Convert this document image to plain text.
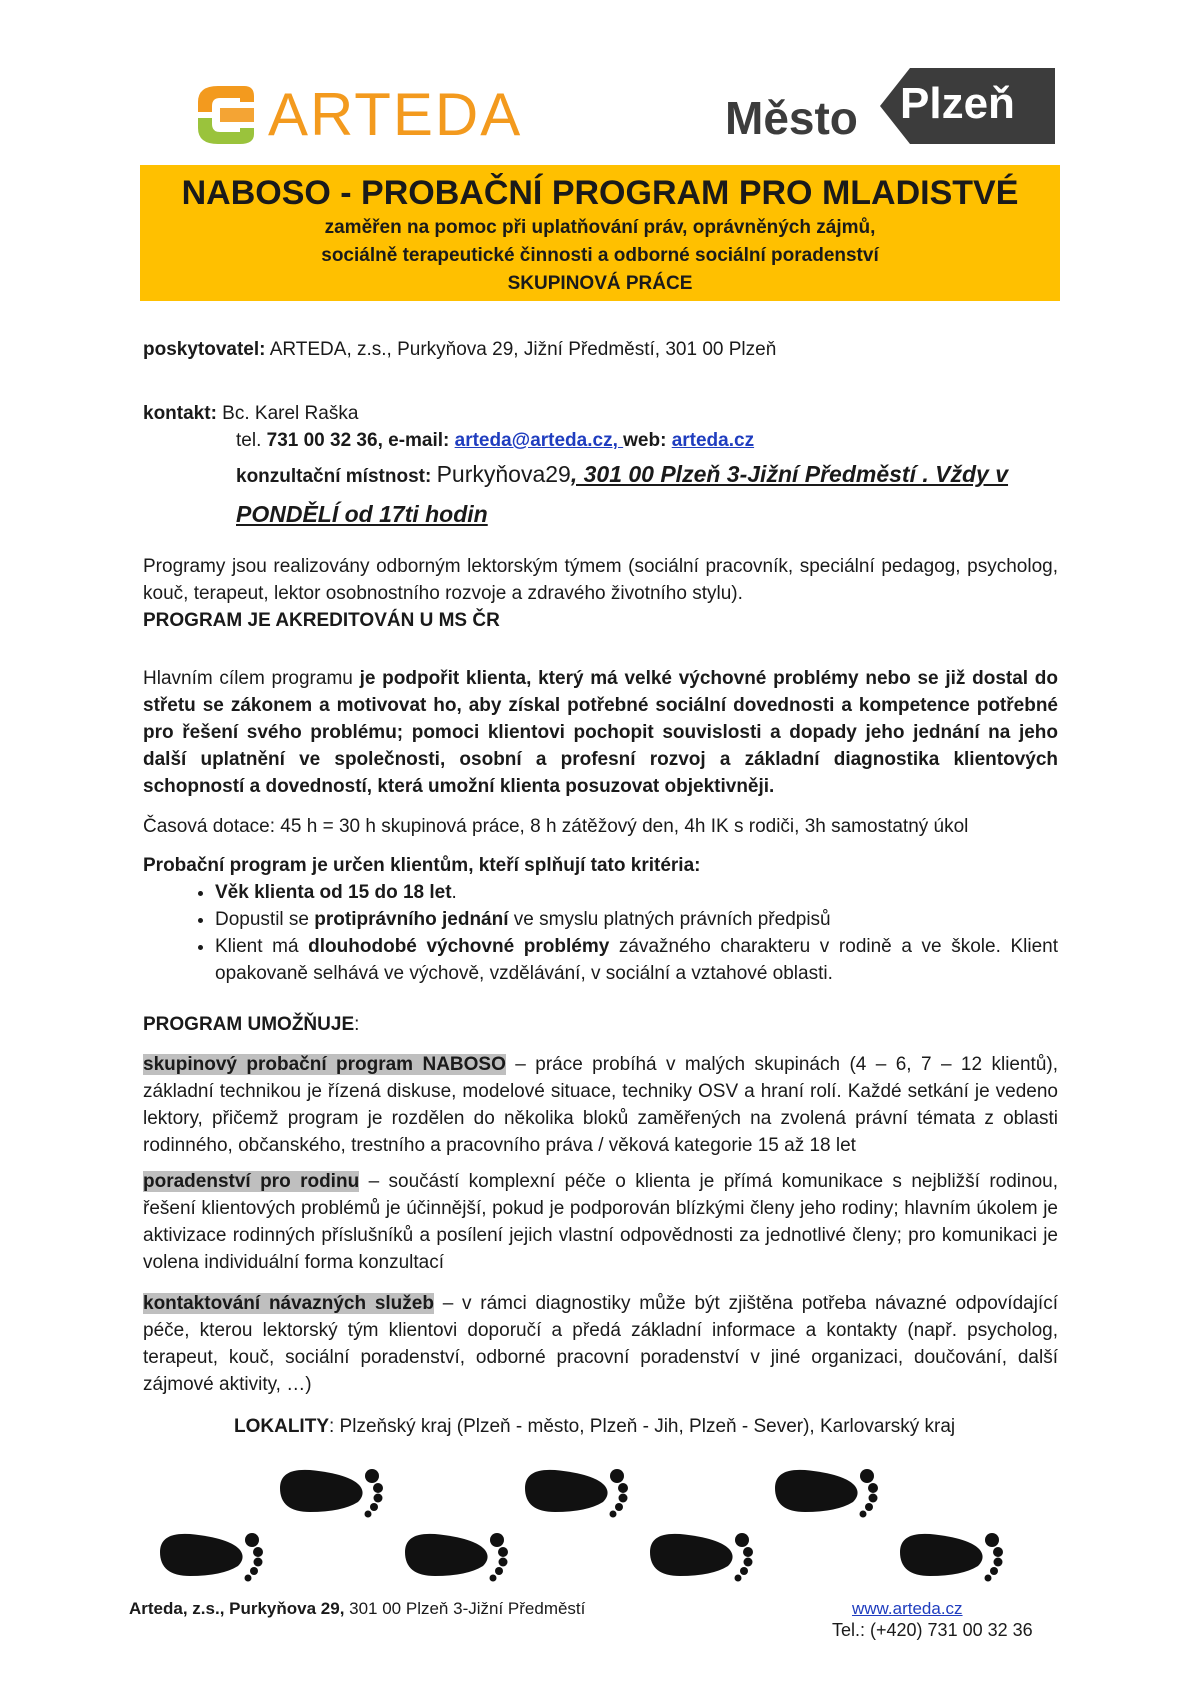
ARTEDA	Město Plzeň
NABOSO - PROBAČNÍ PROGRAM PRO MLADISTVÉ
zaměřen na pomoc při uplatňování práv, oprávněných zájmů,
sociálně terapeutické činnosti a odborné sociální poradenství
SKUPINOVÁ PRÁCE
poskytovatel: ARTEDA, z.s., Purkyňova 29, Jižní Předměstí, 301 00 Plzeň
kontakt: Bc. Karel Raška
tel. 731 00 32 36, e-mail: arteda@arteda.cz, web: arteda.cz
konzultační místnost: Purkyňova29, 301 00 Plzeň 3-Jižní Předměstí . Vždy v
PONDĚLÍ od 17ti hodin
Programy jsou realizovány odborným lektorským týmem (sociální pracovník, speciální pedagog, psycholog, kouč, terapeut, lektor osobnostního rozvoje a zdravého životního stylu).
PROGRAM JE AKREDITOVÁN U MS ČR
Hlavním cílem programu je podpořit klienta, který má velké výchovné problémy nebo se již dostal do střetu se zákonem a motivovat ho, aby získal potřebné sociální dovednosti a kompetence potřebné pro řešení svého problému; pomoci klientovi pochopit souvislosti a dopady jeho jednání na jeho další uplatnění ve společnosti, osobní a profesní rozvoj a základní diagnostika klientových schopností a dovedností, která umožní klienta posuzovat objektivněji.
Časová dotace: 45 h = 30 h skupinová práce, 8 h zátěžový den, 4h IK s rodiči, 3h samostatný úkol
Probační program je určen klientům, kteří splňují tato kritéria:
• Věk klienta od 15 do 18 let.
• Dopustil se protiprávního jednání ve smyslu platných právních předpisů
• Klient má dlouhodobé výchovné problémy závažného charakteru v rodině a ve škole. Klient opakovaně selhává ve výchově, vzdělávání, v sociální a vztahové oblasti.
PROGRAM UMOŽŇUJE:
skupinový probační program NABOSO – práce probíhá v malých skupinách (4 – 6, 7 – 12 klientů), základní technikou je řízená diskuse, modelové situace, techniky OSV a hraní rolí. Každé setkání je vedeno lektory, přičemž program je rozdělen do několika bloků zaměřených na zvolená právní témata z oblasti rodinného, občanského, trestního a pracovního práva / věková kategorie 15 až 18 let
poradenství pro rodinu – součástí komplexní péče o klienta je přímá komunikace s nejbližší rodinou, řešení klientových problémů je účinnější, pokud je podporován blízkými členy jeho rodiny; hlavním úkolem je aktivizace rodinných příslušníků a posílení jejich vlastní odpovědnosti za jednotlivé členy; pro komunikaci je volena individuální forma konzultací
kontaktování návazných služeb – v rámci diagnostiky může být zjištěna potřeba návazné odpovídající péče, kterou lektorský tým klientovi doporučí a předá základní informace a kontakty (např. psycholog, terapeut, kouč, sociální poradenství, odborné pracovní poradenství v jiné organizaci, doučování, další zájmové aktivity, …)
LOKALITY: Plzeňský kraj (Plzeň - město, Plzeň - Jih, Plzeň - Sever), Karlovarský kraj
Arteda, z.s., Purkyňova 29, 301 00 Plzeň 3-Jižní Předměstí	www.arteda.cz
Tel.: (+420) 731 00 32 36
